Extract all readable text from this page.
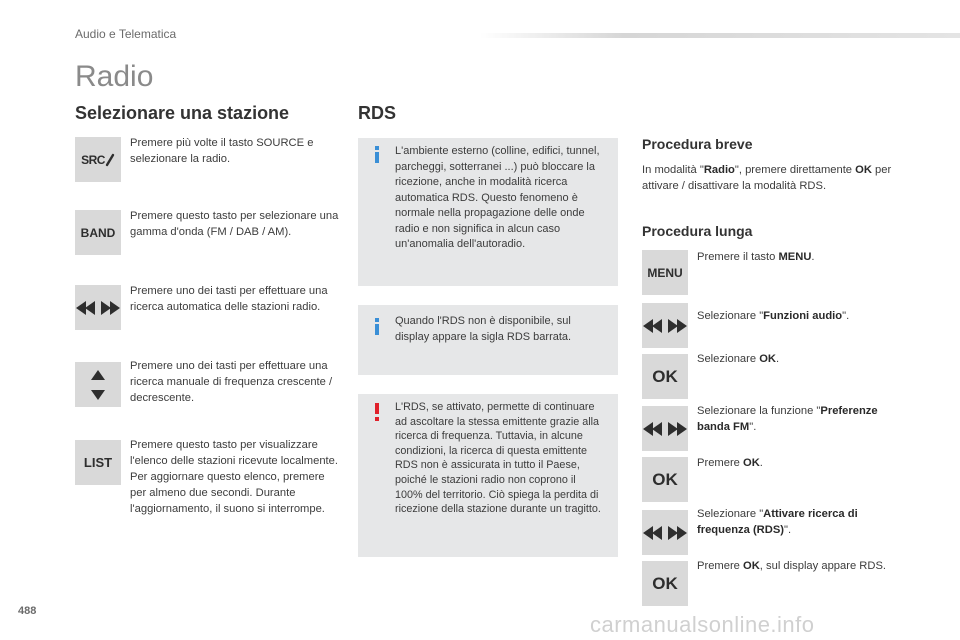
Audio e Telematica
Radio
Selezionare una stazione
SRC
Premere più volte il tasto SOURCE e selezionare la radio.
BAND
Premere questo tasto per selezionare una gamma d'onda (FM / DAB / AM).
Premere uno dei tasti per effettuare una ricerca automatica delle stazioni radio.
Premere uno dei tasti per effettuare una ricerca manuale di frequenza crescente / decrescente.
LIST
Premere questo tasto per visualizzare l'elenco delle stazioni ricevute localmente.
Per aggiornare questo elenco, premere per almeno due secondi. Durante l'aggiornamento, il suono si interrompe.
RDS
L'ambiente esterno (colline, edifici, tunnel, parcheggi, sotterranei ...) può bloccare la ricezione, anche in modalità ricerca automatica RDS. Questo fenomeno è normale nella propagazione delle onde radio e non significa in alcun caso un'anomalia dell'autoradio.
Quando l'RDS non è disponibile, sul display appare la sigla RDS barrata.
L'RDS, se attivato, permette di continuare ad ascoltare la stessa emittente grazie alla ricerca di frequenza. Tuttavia, in alcune condizioni, la ricerca di questa emittente RDS non è assicurata in tutto il Paese, poiché le stazioni radio non coprono il 100% del territorio. Ciò spiega la perdita di ricezione della stazione durante un tragitto.
Procedura breve
In modalità "Radio", premere direttamente OK per attivare / disattivare la modalità RDS.
Procedura lunga
MENU
Premere il tasto MENU.
Selezionare "Funzioni audio".
OK
Selezionare OK.
Selezionare la funzione "Preferenze banda FM".
OK
Premere OK.
Selezionare "Attivare ricerca di frequenza (RDS)".
OK
Premere OK, sul display appare RDS.
488
carmanualsonline.info
